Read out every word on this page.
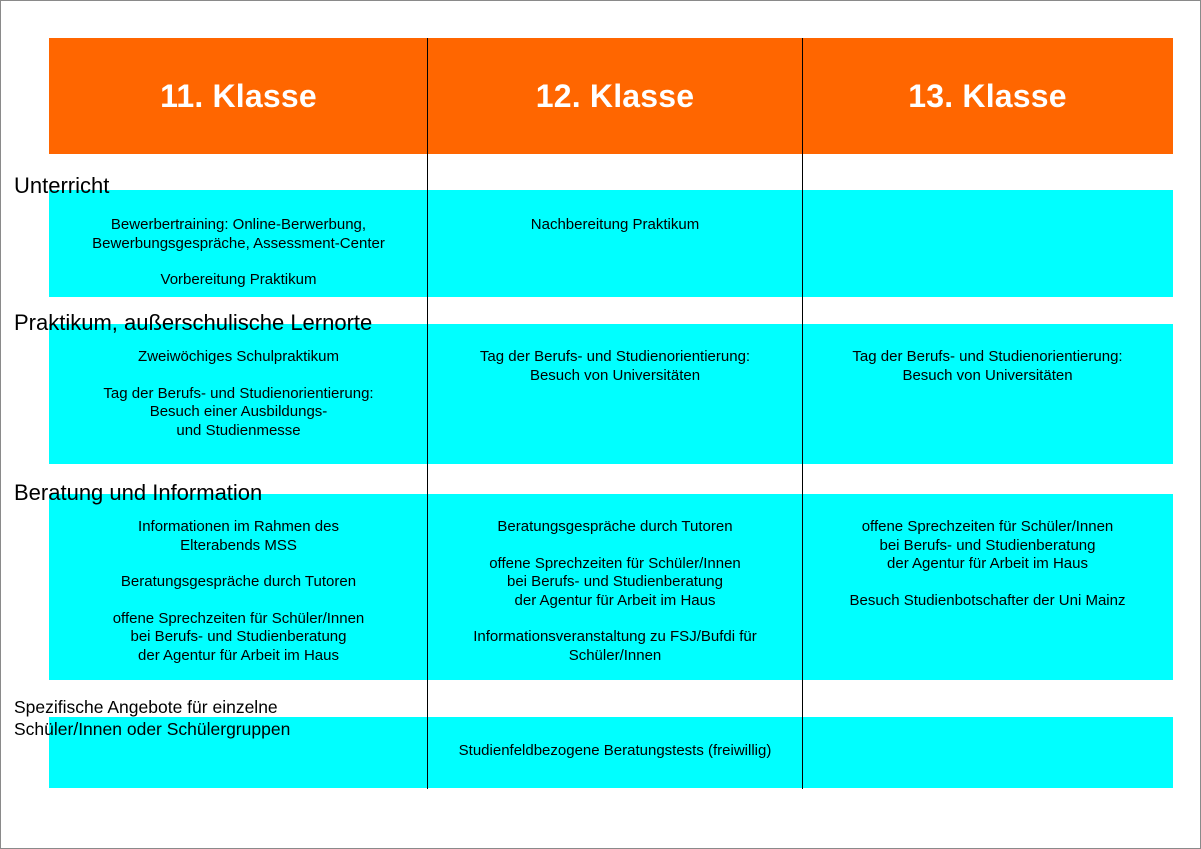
11. Klasse	12. Klasse	13. Klasse

Bewerbertraining: Online-Berwerbung,
Bewerbungsgespräche, Assessment-Center

Vorbereitung Praktikum

Nachbereitung Praktikum

Zweiwöchiges Schulpraktikum

Tag der Berufs- und Studienorientierung:
Besuch einer Ausbildungs-
und Studienmesse

Tag der Berufs- und Studienorientierung:
Besuch von Universitäten

Tag der Berufs- und Studienorientierung:
Besuch von Universitäten

Informationen im Rahmen des
Elterabends MSS

Beratungsgespräche durch Tutoren

offene Sprechzeiten für Schüler/Innen
bei Berufs- und Studienberatung
der Agentur für Arbeit im Haus

Beratungsgespräche durch Tutoren

offene Sprechzeiten für Schüler/Innen
bei Berufs- und Studienberatung
der Agentur für Arbeit im Haus

Informationsveranstaltung zu FSJ/Bufdi für
Schüler/Innen

offene Sprechzeiten für Schüler/Innen
bei Berufs- und Studienberatung
der Agentur für Arbeit im Haus

Besuch Studienbotschafter der Uni Mainz

Studienfeldbezogene Beratungstests (freiwillig)

Unterricht
Praktikum, außerschulische Lernorte
Beratung und Information
Spezifische Angebote für einzelne
Schüler/Innen oder Schülergruppen
